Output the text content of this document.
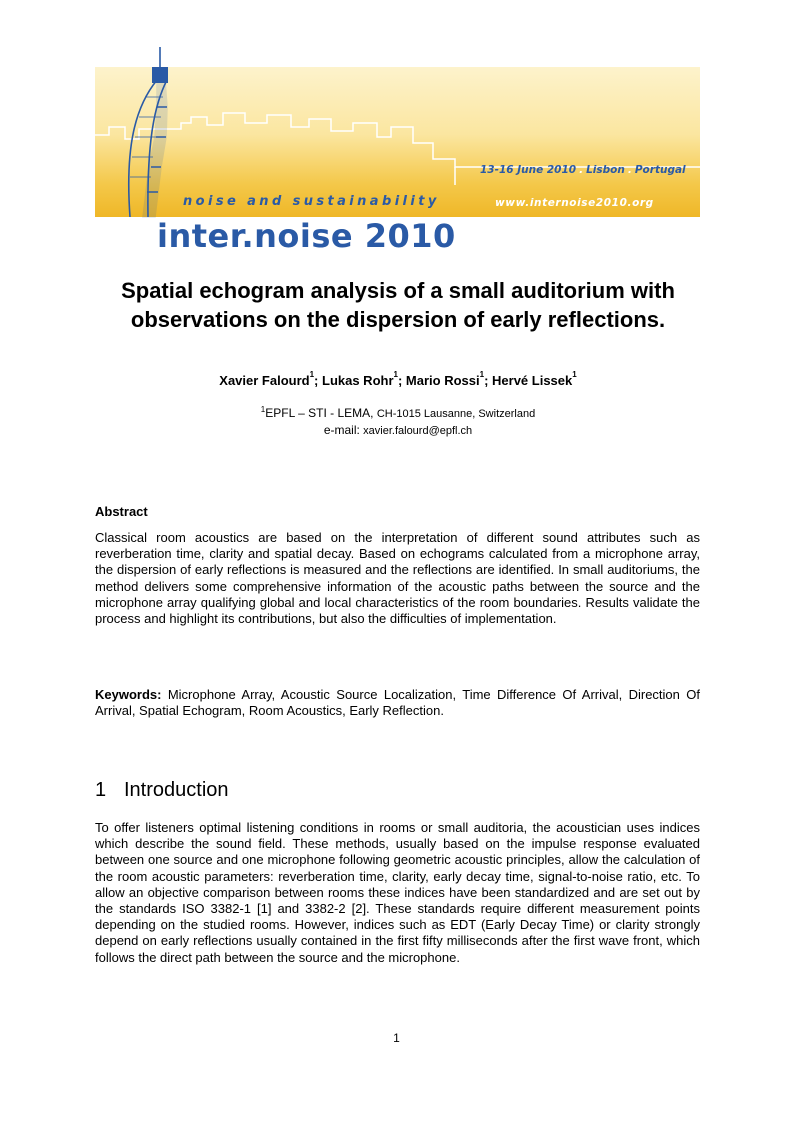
inter.noise 2010
noise and sustainability
13-16 June 2010 . Lisbon . Portugal
www.internoise2010.org
Spatial echogram analysis of a small auditorium with observations on the dispersion of early reflections.
Xavier Falourd$^1$; Lukas Rohr$^1$; Mario Rossi$^1$; Hervé Lissek$^1$
$^1$EPFL – STI - LEMA, CH-1015 Lausanne, Switzerland
e-mail: xavier.falourd@epfl.ch
Abstract

Classical room acoustics are based on the interpretation of different sound attributes such as reverberation time, clarity and spatial decay. Based on echograms calculated from a microphone array, the dispersion of early reflections is measured and the reflections are identified. In small auditoriums, the method delivers some comprehensive information of the acoustic paths between the source and the microphone array qualifying global and local characteristics of the room boundaries. Results validate the process and highlight its contributions, but also the difficulties of implementation.

Keywords: Microphone Array, Acoustic Source Localization, Time Difference Of Arrival, Direction Of Arrival, Spatial Echogram, Room Acoustics, Early Reflection.

1 Introduction

To offer listeners optimal listening conditions in rooms or small auditoria, the acoustician uses indices which describe the sound field. These methods, usually based on the impulse response evaluated between one source and one microphone following geometric acoustic principles, allow the calculation of the room acoustic parameters: reverberation time, clarity, early decay time, signal-to-noise ratio, etc. To allow an objective comparison between rooms these indices have been standardized and are set out by the standards ISO 3382-1 [1] and 3382-2 [2]. These standards require different measurement points depending on the studied rooms. However, indices such as EDT (Early Decay Time) or clarity strongly depend on early reflections usually contained in the first fifty milliseconds after the first wave front, which follows the direct path between the source and the microphone.

1
